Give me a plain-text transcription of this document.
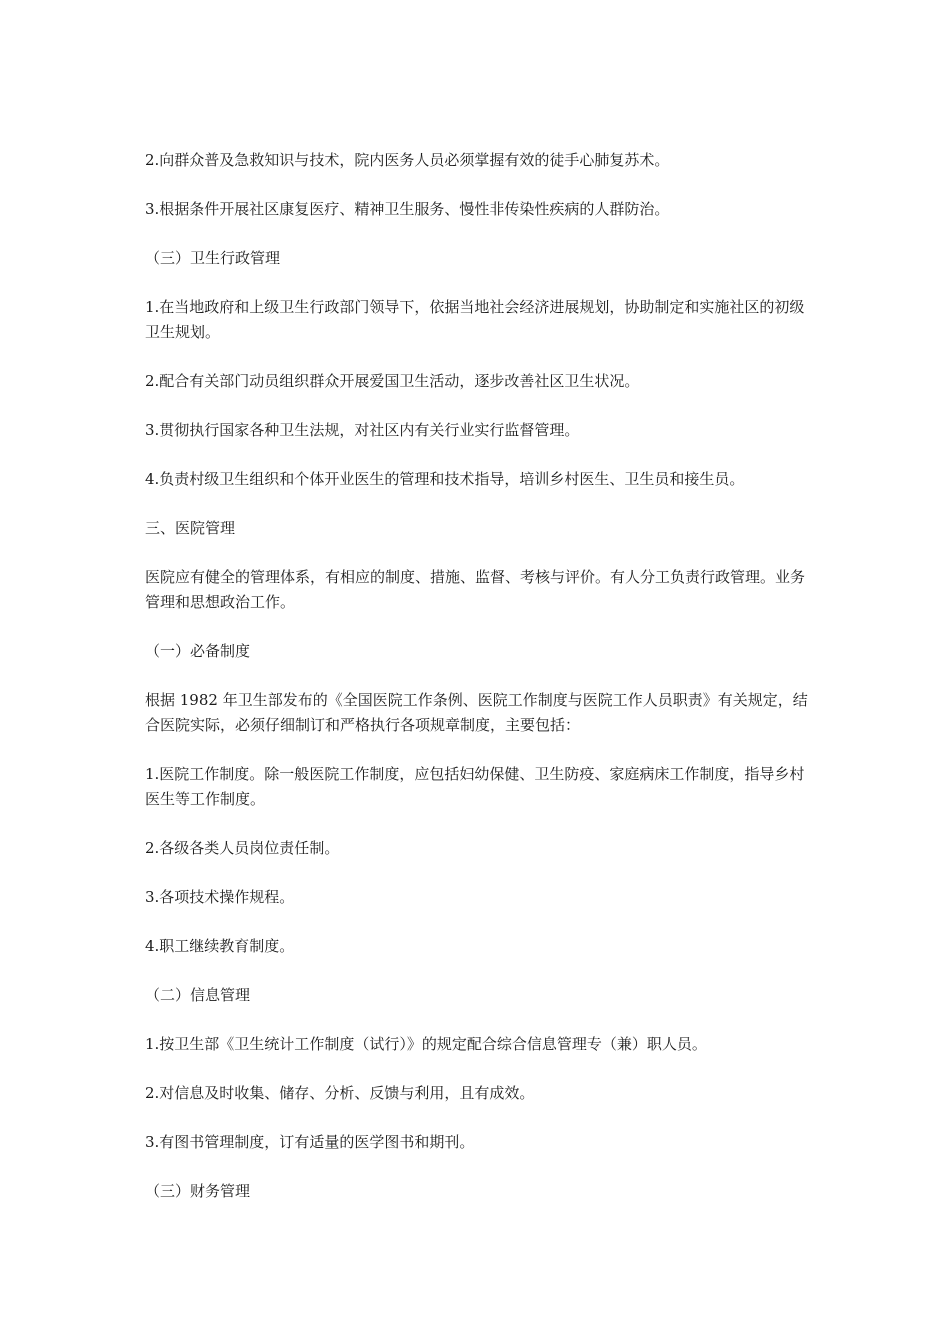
2.向群众普及急救知识与技术，院内医务人员必须掌握有效的徒手心肺复苏术。

3.根据条件开展社区康复医疗、精神卫生服务、慢性非传染性疾病的人群防治。

（三）卫生行政管理

1.在当地政府和上级卫生行政部门领导下，依据当地社会经济进展规划，协助制定和实施社区的初级卫生规划。

2.配合有关部门动员组织群众开展爱国卫生活动，逐步改善社区卫生状况。

3.贯彻执行国家各种卫生法规，对社区内有关行业实行监督管理。

4.负责村级卫生组织和个体开业医生的管理和技术指导，培训乡村医生、卫生员和接生员。

三、医院管理

医院应有健全的管理体系，有相应的制度、措施、监督、考核与评价。有人分工负责行政管理。业务管理和思想政治工作。

（一）必备制度

根据 1982 年卫生部发布的《全国医院工作条例、医院工作制度与医院工作人员职责》有关规定，结合医院实际，必须仔细制订和严格执行各项规章制度，主要包括：

1.医院工作制度。除一般医院工作制度，应包括妇幼保健、卫生防疫、家庭病床工作制度，指导乡村医生等工作制度。

2.各级各类人员岗位责任制。

3.各项技术操作规程。

4.职工继续教育制度。

（二）信息管理

1.按卫生部《卫生统计工作制度（试行）》的规定配合综合信息管理专（兼）职人员。

2.对信息及时收集、储存、分析、反馈与利用，且有成效。

3.有图书管理制度，订有适量的医学图书和期刊。

（三）财务管理
